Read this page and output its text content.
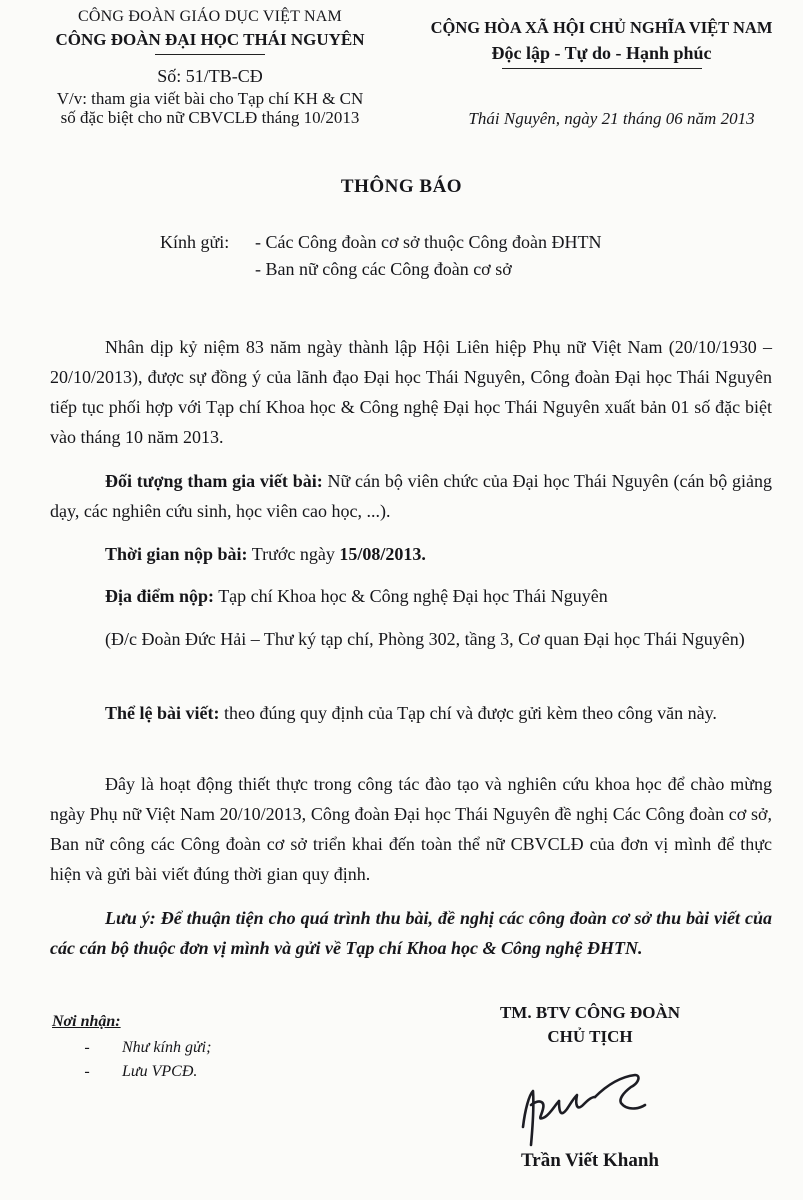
CÔNG ĐOÀN GIÁO DỤC VIỆT NAM
CÔNG ĐOÀN ĐẠI HỌC THÁI NGUYÊN
Số: 51/TB-CĐ
V/v: tham gia viết bài cho Tạp chí KH & CN
số đặc biệt cho nữ CBVCLĐ tháng 10/2013
CỘNG HÒA XÃ HỘI CHỦ NGHĨA VIỆT NAM
Độc lập - Tự do - Hạnh phúc
Thái Nguyên, ngày 21 tháng 06 năm 2013
THÔNG BÁO
Kính gửi:	- Các Công đoàn cơ sở thuộc Công đoàn ĐHTN
- Ban nữ công các Công đoàn cơ sở
Nhân dịp kỷ niệm 83 năm ngày thành lập Hội Liên hiệp Phụ nữ Việt Nam (20/10/1930 – 20/10/2013), được sự đồng ý của lãnh đạo Đại học Thái Nguyên, Công đoàn Đại học Thái Nguyên tiếp tục phối hợp với Tạp chí Khoa học & Công nghệ Đại học Thái Nguyên xuất bản 01 số đặc biệt vào tháng 10 năm 2013.
Đối tượng tham gia viết bài: Nữ cán bộ viên chức của Đại học Thái Nguyên (cán bộ giảng dạy, các nghiên cứu sinh, học viên cao học, ...).
Thời gian nộp bài: Trước ngày 15/08/2013.
Địa điểm nộp: Tạp chí Khoa học & Công nghệ Đại học Thái Nguyên
(Đ/c Đoàn Đức Hải – Thư ký tạp chí, Phòng 302, tầng 3, Cơ quan Đại học Thái Nguyên)
Thể lệ bài viết: theo đúng quy định của Tạp chí và được gửi kèm theo công văn này.
Đây là hoạt động thiết thực trong công tác đào tạo và nghiên cứu khoa học để chào mừng ngày Phụ nữ Việt Nam 20/10/2013, Công đoàn Đại học Thái Nguyên đề nghị Các Công đoàn cơ sở, Ban nữ công các Công đoàn cơ sở triển khai đến toàn thể nữ CBVCLĐ của đơn vị mình để thực hiện và gửi bài viết đúng thời gian quy định.
Lưu ý: Để thuận tiện cho quá trình thu bài, đề nghị các công đoàn cơ sở thu bài viết của các cán bộ thuộc đơn vị mình và gửi về Tạp chí Khoa học & Công nghệ ĐHTN.
Nơi nhận:
-	Như kính gửi;
-	Lưu VPCĐ.
TM. BTV CÔNG ĐOÀN
CHỦ TỊCH
Trần Viết Khanh
